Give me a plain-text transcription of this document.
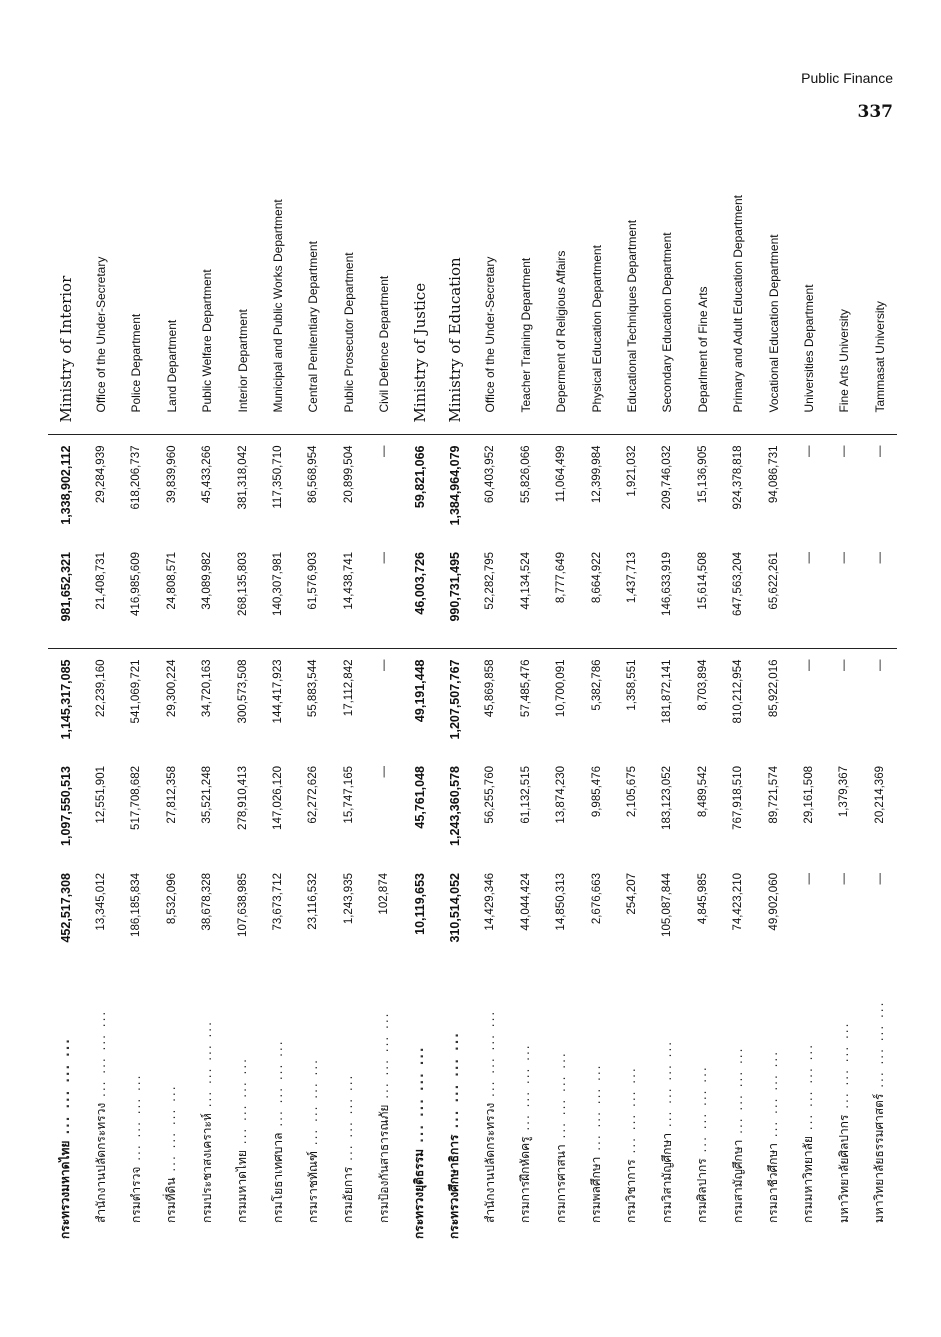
Public Finance
337
กระทรวงมหาดไทย ... ... ... ...	452,517,308	1,097,550,513	1,145,317,085	981,652,321	1,338,902,112	Ministry of Interior
สำนักงานปลัดกระทรวง ... ... ... ...	13,345,012	12,551,901	22,239,160	21,408,731	29,284,939	Office of the Under-Secretary
กรมตำรวจ ... ... ... ...	186,185,834	517,708,682	541,069,721	416,985,609	618,206,737	Police Department
กรมที่ดิน ... ... ... ...	8,532,096	27,812,358	29,300,224	24,808,571	39,839,960	Land Department
กรมประชาสงเคราะห์ ... ... ... ...	38,678,328	35,521,248	34,720,163	34,089,982	45,433,266	Public Welfare Department
กรมมหาดไทย ... ... ... ...	107,638,985	278,910,413	300,573,508	268,135,803	381,318,042	Interior Department
กรมโยธาเทศบาล ... ... ... ...	73,673,712	147,026,120	144,417,923	140,307,981	117,350,710	Municipal and Public Works Department
กรมราชทัณฑ์ ... ... ... ...	23,116,532	62,272,626	55,883,544	61,576,903	86,568,954	Central Penitentiary Department
กรมอัยการ ... ... ... ...	1,243,935	15,747,165	17,112,842	14,438,741	20,899,504	Public Prosecutor Department
กรมป้องกันสาธารณภัย ... ... ... ...	102,874	—	—	—	—	Civil Defence Department
กระทรวงยุติธรรม ... ... ... ...	10,119,653	45,761,048	49,191,448	46,003,726	59,821,066	Ministry of Justice
กระทรวงศึกษาธิการ ... ... ... ...	310,514,052	1,243,360,578	1,207,507,767	990,731,495	1,384,964,079	Ministry of Education
สำนักงานปลัดกระทรวง ... ... ... ...	14,429,346	56,255,760	45,869,858	52,282,795	60,403,952	Office of the Under-Secretary
กรมการฝึกหัดครู ... ... ... ...	44,044,424	61,132,515	57,485,476	44,134,524	55,826,066	Teacher Training Department
กรมการศาสนา ... ... ... ...	14,850,313	13,874,230	10,700,091	8,777,649	11,064,499	Deperment of Religious Affairs
กรมพลศึกษา ... ... ... ...	2,676,663	9,985,476	5,382,786	8,664,922	12,399,984	Physical Education Department
กรมวิชาการ ... ... ... ...	254,207	2,105,675	1,358,551	1,437,713	1,921,032	Educational Techniques Department
กรมวิสามัญศึกษา ... ... ... ...	105,087,844	183,123,052	181,872,141	146,633,919	209,746,032	Secondary Education Department
กรมศิลปากร ... ... ... ...	4,845,985	8,489,542	8,703,894	15,614,508	15,136,905	Deparlment of Fine Arts
กรมสามัญศึกษา ... ... ... ...	74,423,210	767,918,510	810,212,954	647,563,204	924,378,818	Primary and Adult Education Department
กรมอาชีวศึกษา ... ... ... ...	49,902,060	89,721,574	85,922,016	65,622,261	94,086,731	Vocational Education Department
กรมมหาวิทยาลัย ... ... ... ...	—	29,161,508	—	—	—	Universities Department
มหาวิทยาลัยศิลปากร ... ... ... ...	—	1,379,367	—	—	—	Fine Arts University
มหาวิทยาลัยธรรมศาสตร์ ... ... ... ...	—	20,214,369	—	—	—	Tammasat University
